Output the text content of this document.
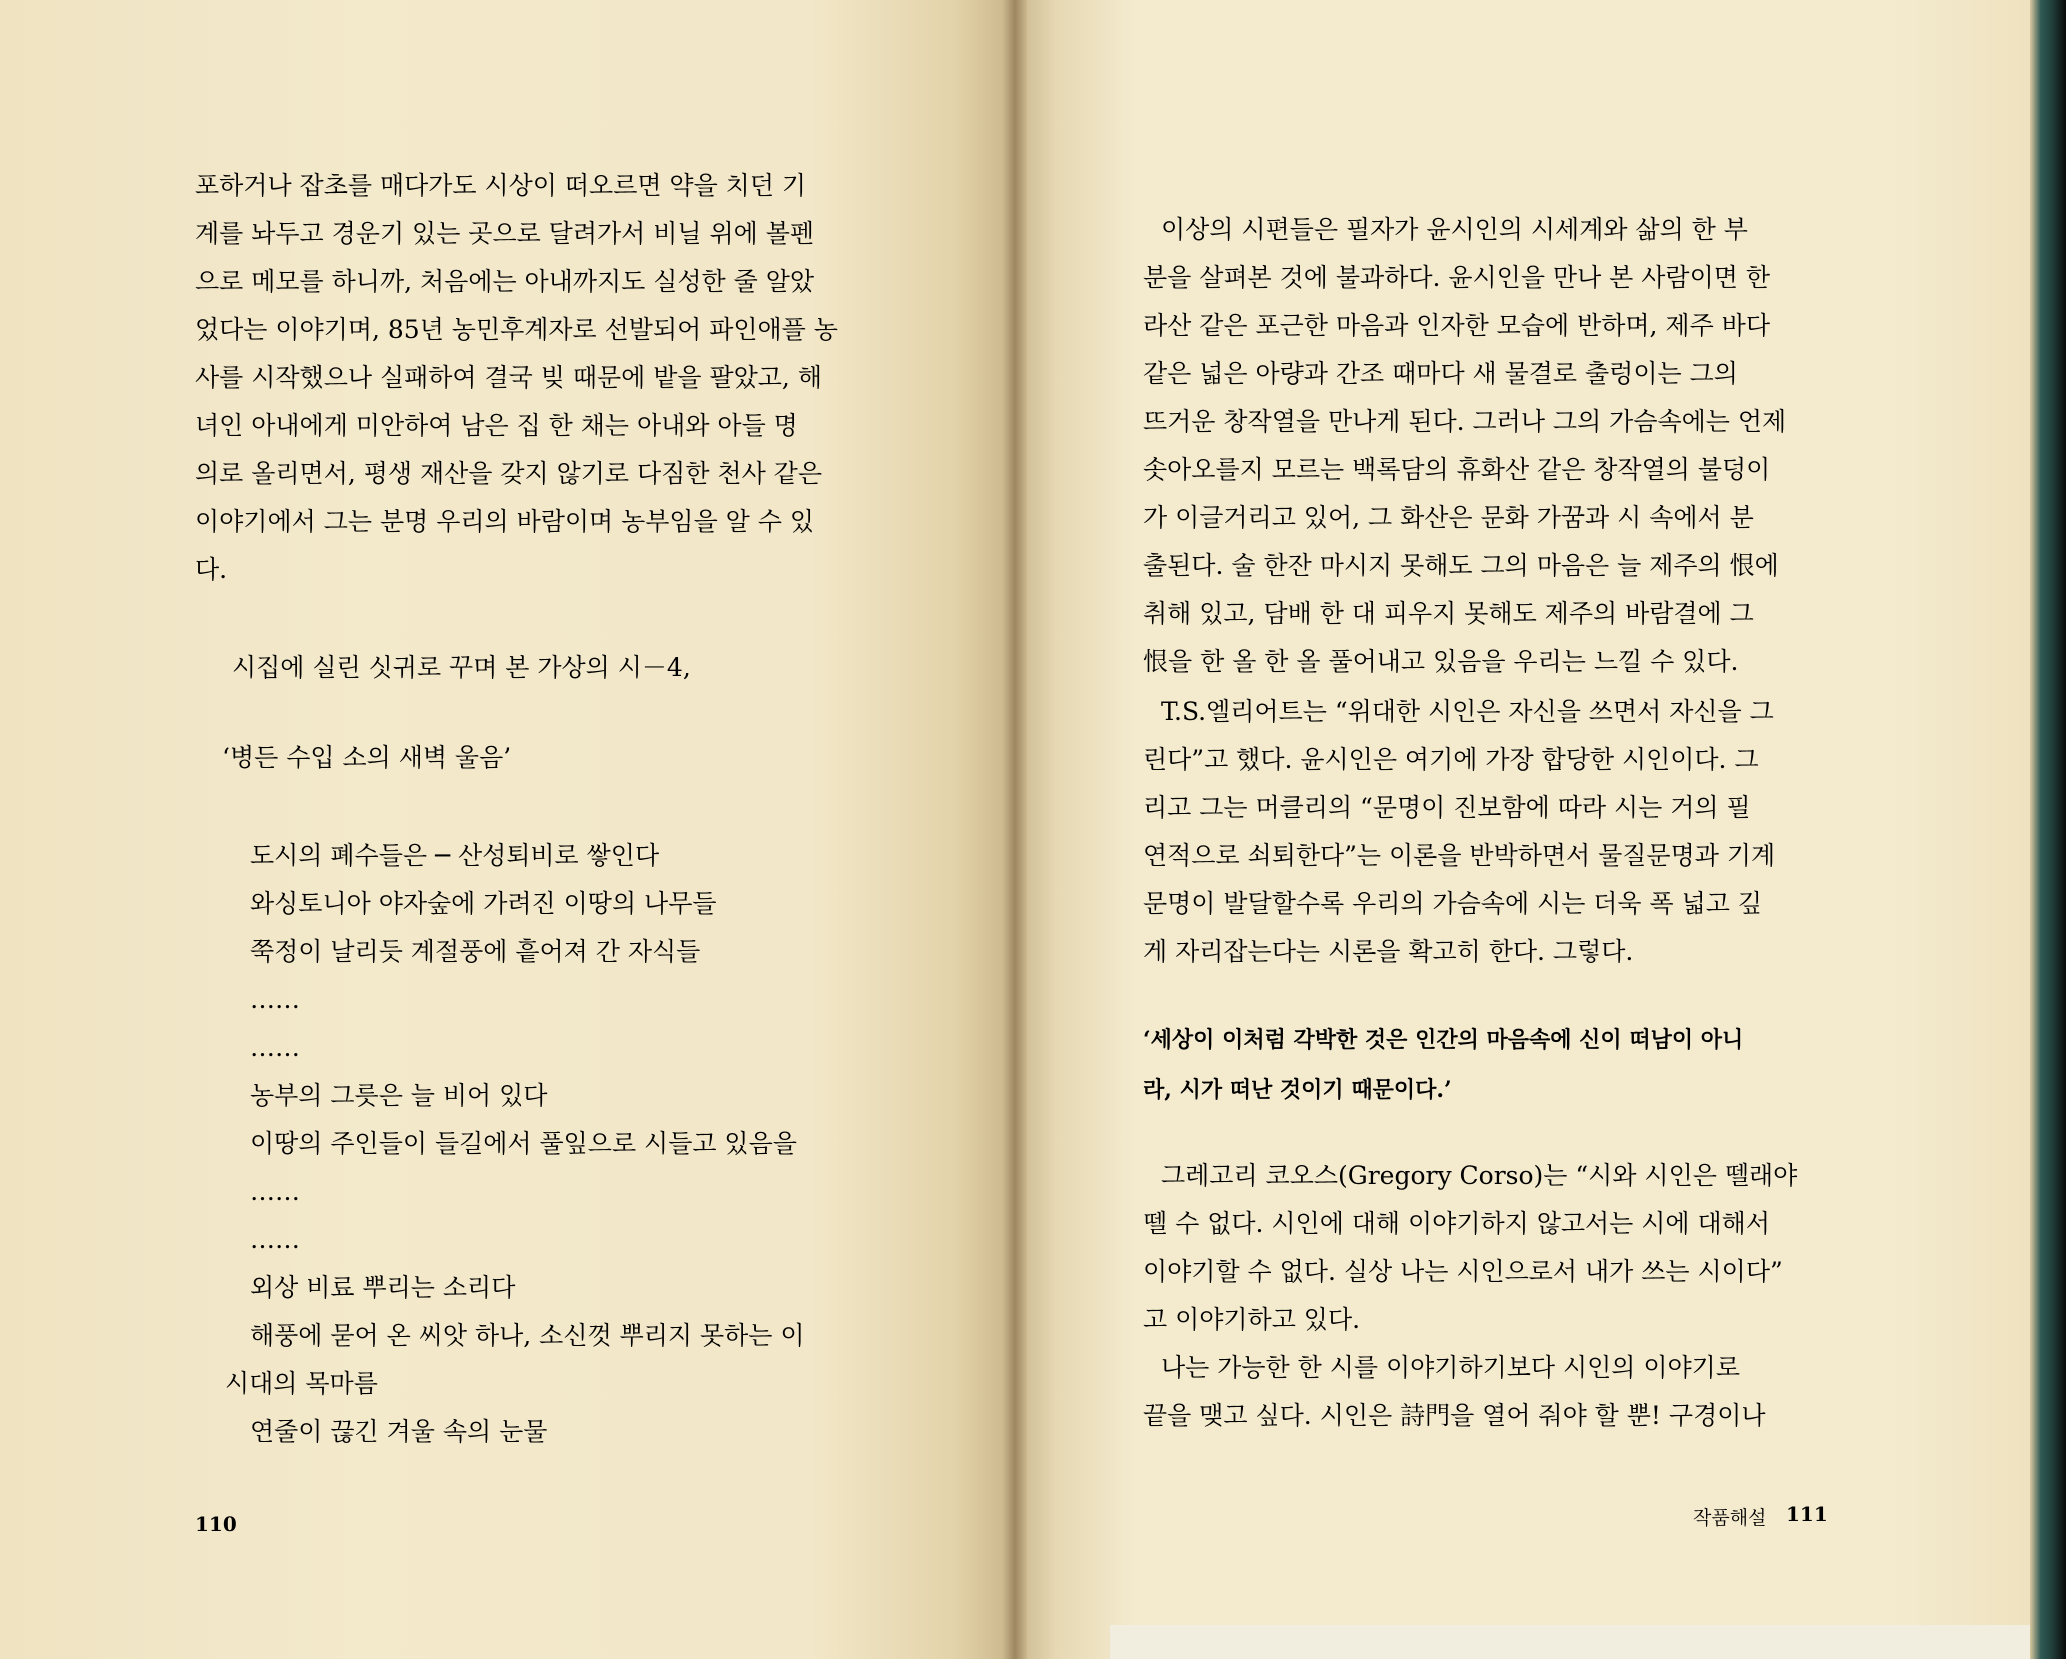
포하거나 잡초를 매다가도 시상이 떠오르면 약을 치던 기
계를 놔두고 경운기 있는 곳으로 달려가서 비닐 위에 볼펜
으로 메모를 하니까, 처음에는 아내까지도 실성한 줄 알았
었다는 이야기며, 85년 농민후계자로 선발되어 파인애플 농
사를 시작했으나 실패하여 결국 빚 때문에 밭을 팔았고, 해
녀인 아내에게 미안하여 남은 집 한 채는 아내와 아들 명
의로 올리면서, 평생 재산을 갖지 않기로 다짐한 천사 같은
이야기에서 그는 분명 우리의 바람이며 농부임을 알 수 있
다.
시집에 실린 싯귀로 꾸며 본 가상의 시－4,
‘병든 수입 소의 새벽 울음’
도시의 폐수들은 ─ 산성퇴비로 쌓인다
와싱토니아 야자숲에 가려진 이땅의 나무들
쭉정이 날리듯 계절풍에 흩어져 간 자식들
……
……
농부의 그릇은 늘 비어 있다
이땅의 주인들이 들길에서 풀잎으로 시들고 있음을
……
……
외상 비료 뿌리는 소리다
해풍에 묻어 온 씨앗 하나, 소신껏 뿌리지 못하는 이
시대의 목마름
연줄이 끊긴 겨울 속의 눈물
110
이상의 시편들은 필자가 윤시인의 시세계와 삶의 한 부
분을 살펴본 것에 불과하다. 윤시인을 만나 본 사람이면 한
라산 같은 포근한 마음과 인자한 모습에 반하며, 제주 바다
같은 넓은 아량과 간조 때마다 새 물결로 출렁이는 그의
뜨거운 창작열을 만나게 된다. 그러나 그의 가슴속에는 언제
솟아오를지 모르는 백록담의 휴화산 같은 창작열의 불덩이
가 이글거리고 있어, 그 화산은 문화 가꿈과 시 속에서 분
출된다. 술 한잔 마시지 못해도 그의 마음은 늘 제주의 恨에
취해 있고, 담배 한 대 피우지 못해도 제주의 바람결에 그
恨을 한 올 한 올 풀어내고 있음을 우리는 느낄 수 있다.
T.S.엘리어트는 “위대한 시인은 자신을 쓰면서 자신을 그
린다”고 했다. 윤시인은 여기에 가장 합당한 시인이다. 그
리고 그는 머클리의 “문명이 진보함에 따라 시는 거의 필
연적으로 쇠퇴한다”는 이론을 반박하면서 물질문명과 기계
문명이 발달할수록 우리의 가슴속에 시는 더욱 폭 넓고 깊
게 자리잡는다는 시론을 확고히 한다. 그렇다.
‘세상이 이처럼 각박한 것은 인간의 마음속에 신이 떠남이 아니
라, 시가 떠난 것이기 때문이다.’
그레고리 코오스(Gregory Corso)는 “시와 시인은 뗄래야
뗄 수 없다. 시인에 대해 이야기하지 않고서는 시에 대해서
이야기할 수 없다. 실상 나는 시인으로서 내가 쓰는 시이다”
고 이야기하고 있다.
나는 가능한 한 시를 이야기하기보다 시인의 이야기로
끝을 맺고 싶다. 시인은 詩門을 열어 줘야 할 뿐! 구경이나
작품해설 111
